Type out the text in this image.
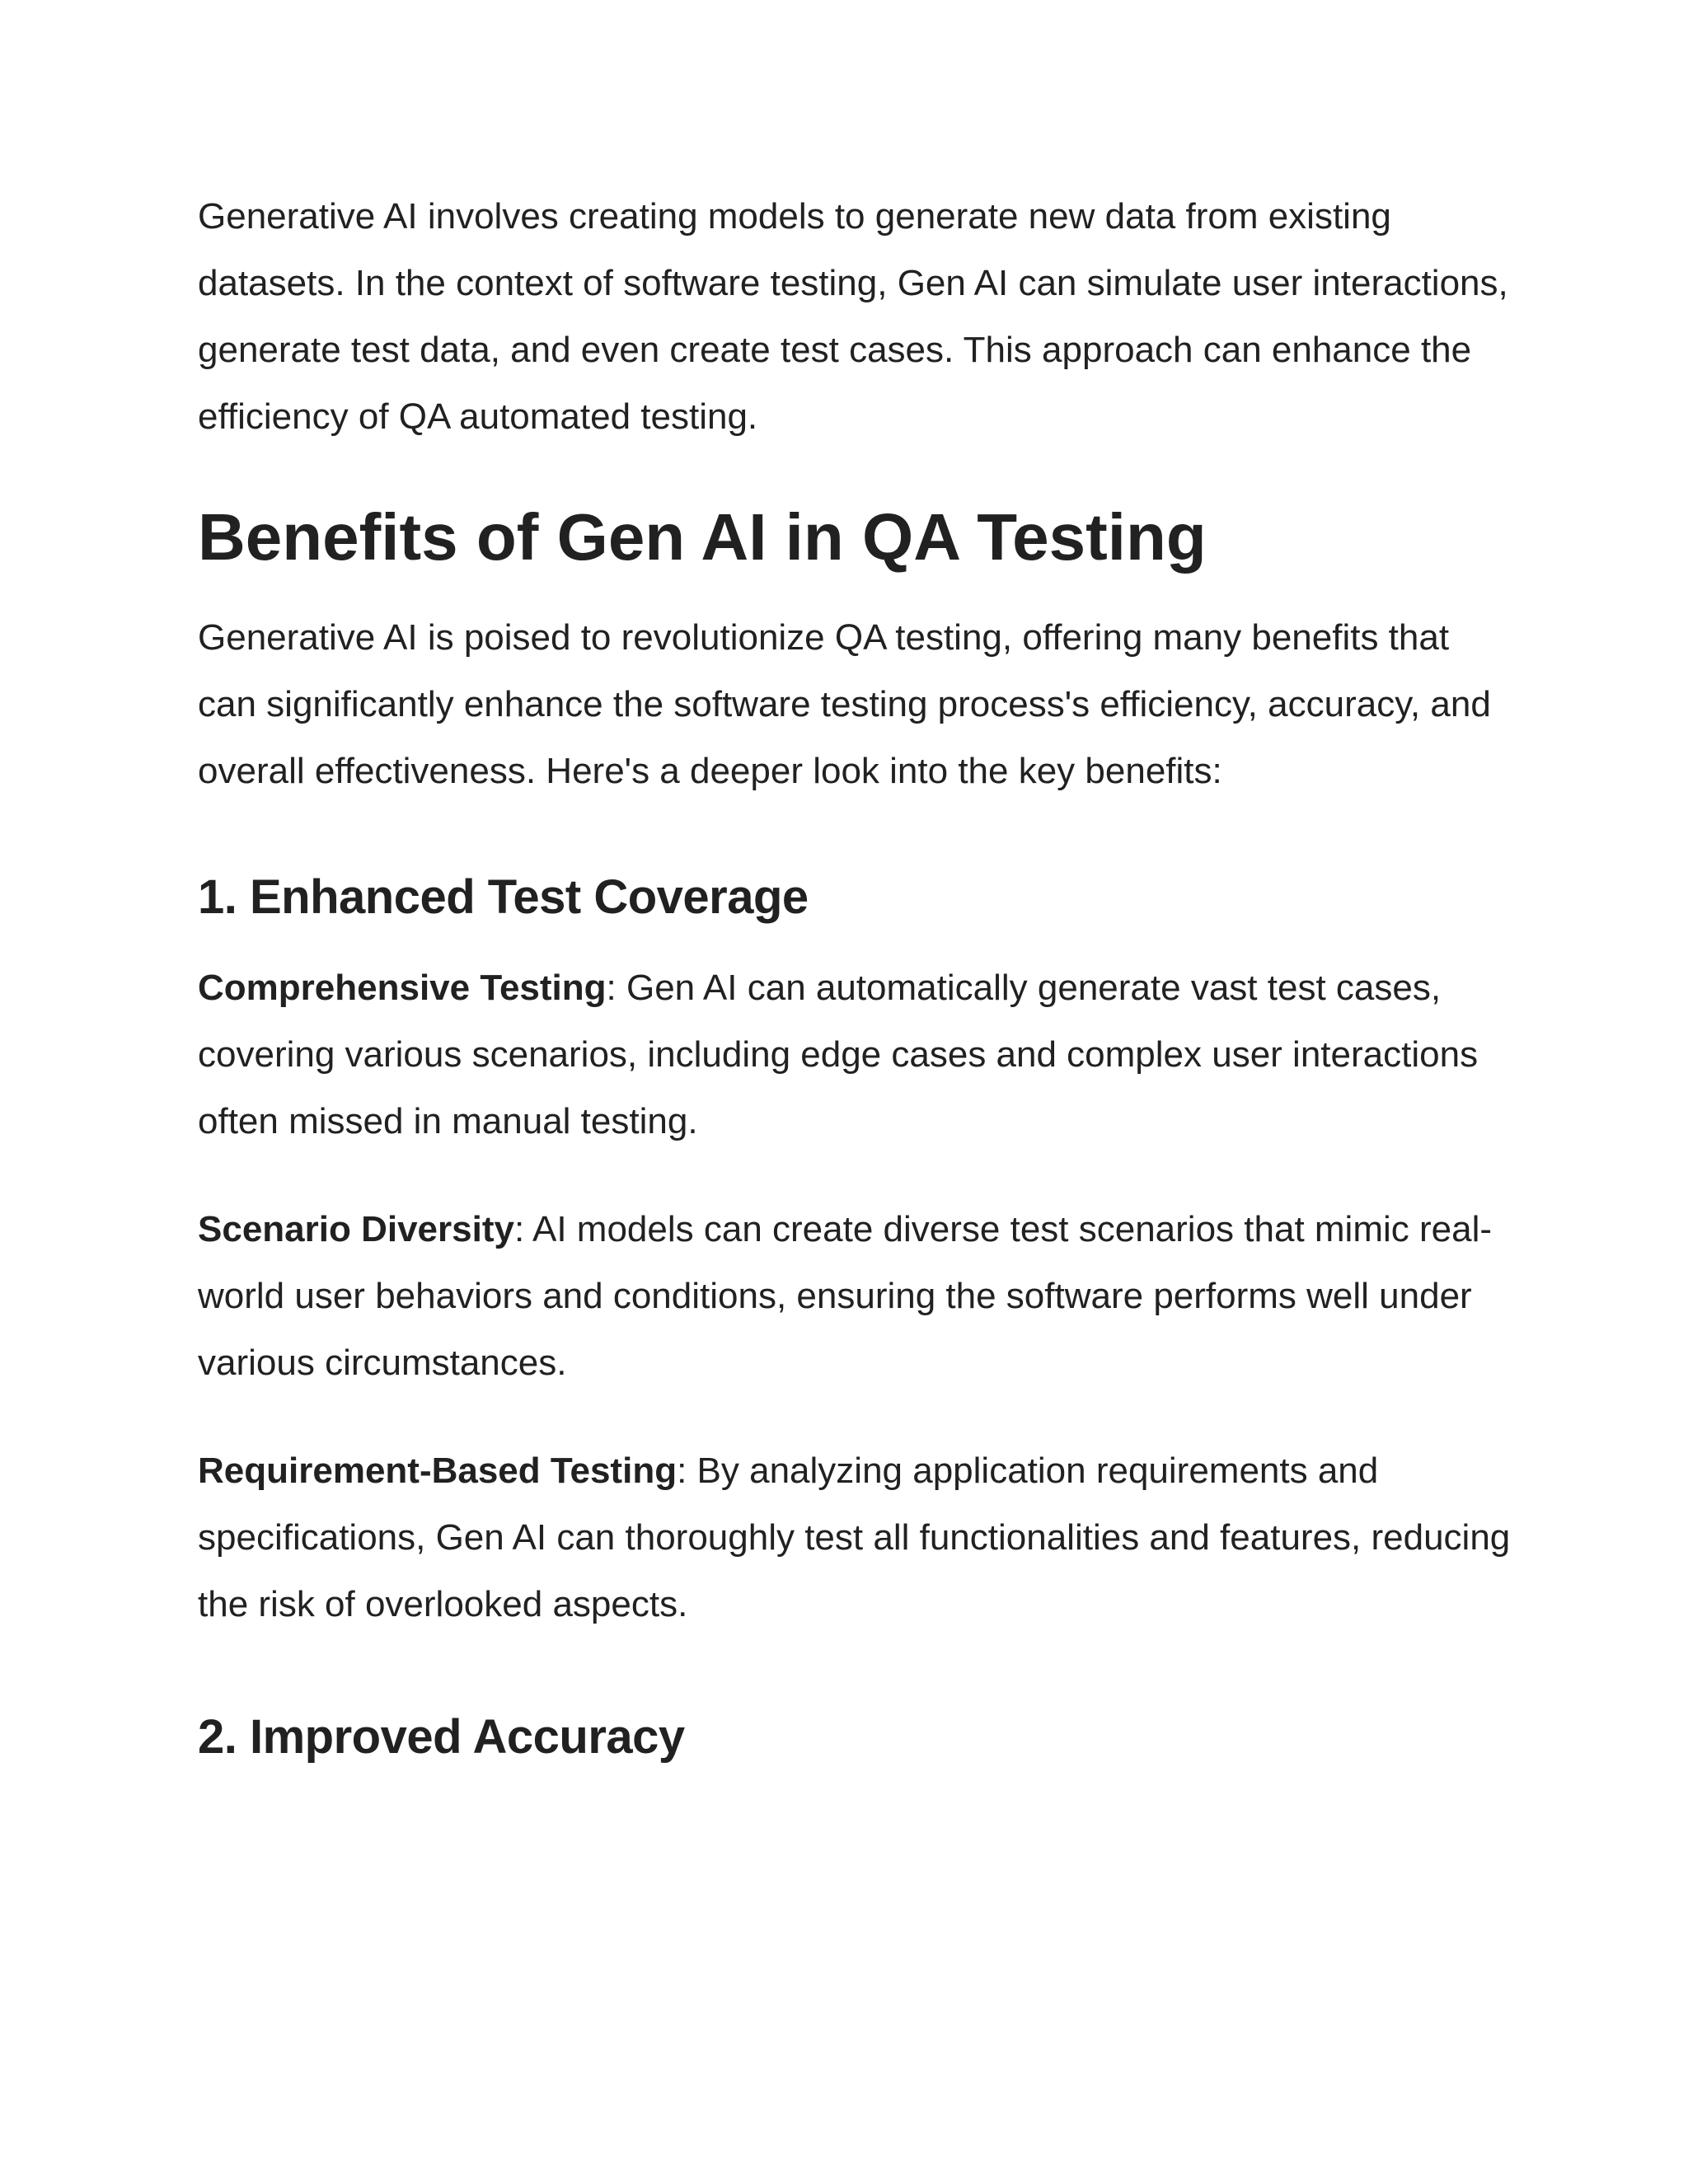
Generative AI involves creating models to generate new data from existing datasets. In the context of software testing, Gen AI can simulate user interactions, generate test data, and even create test cases. This approach can enhance the efficiency of QA automated testing.

Benefits of Gen AI in QA Testing

Generative AI is poised to revolutionize QA testing, offering many benefits that can significantly enhance the software testing process's efficiency, accuracy, and overall effectiveness. Here's a deeper look into the key benefits:

1. Enhanced Test Coverage

Comprehensive Testing: Gen AI can automatically generate vast test cases, covering various scenarios, including edge cases and complex user interactions often missed in manual testing.

Scenario Diversity: AI models can create diverse test scenarios that mimic real-world user behaviors and conditions, ensuring the software performs well under various circumstances.

Requirement-Based Testing: By analyzing application requirements and specifications, Gen AI can thoroughly test all functionalities and features, reducing the risk of overlooked aspects.

2. Improved Accuracy
